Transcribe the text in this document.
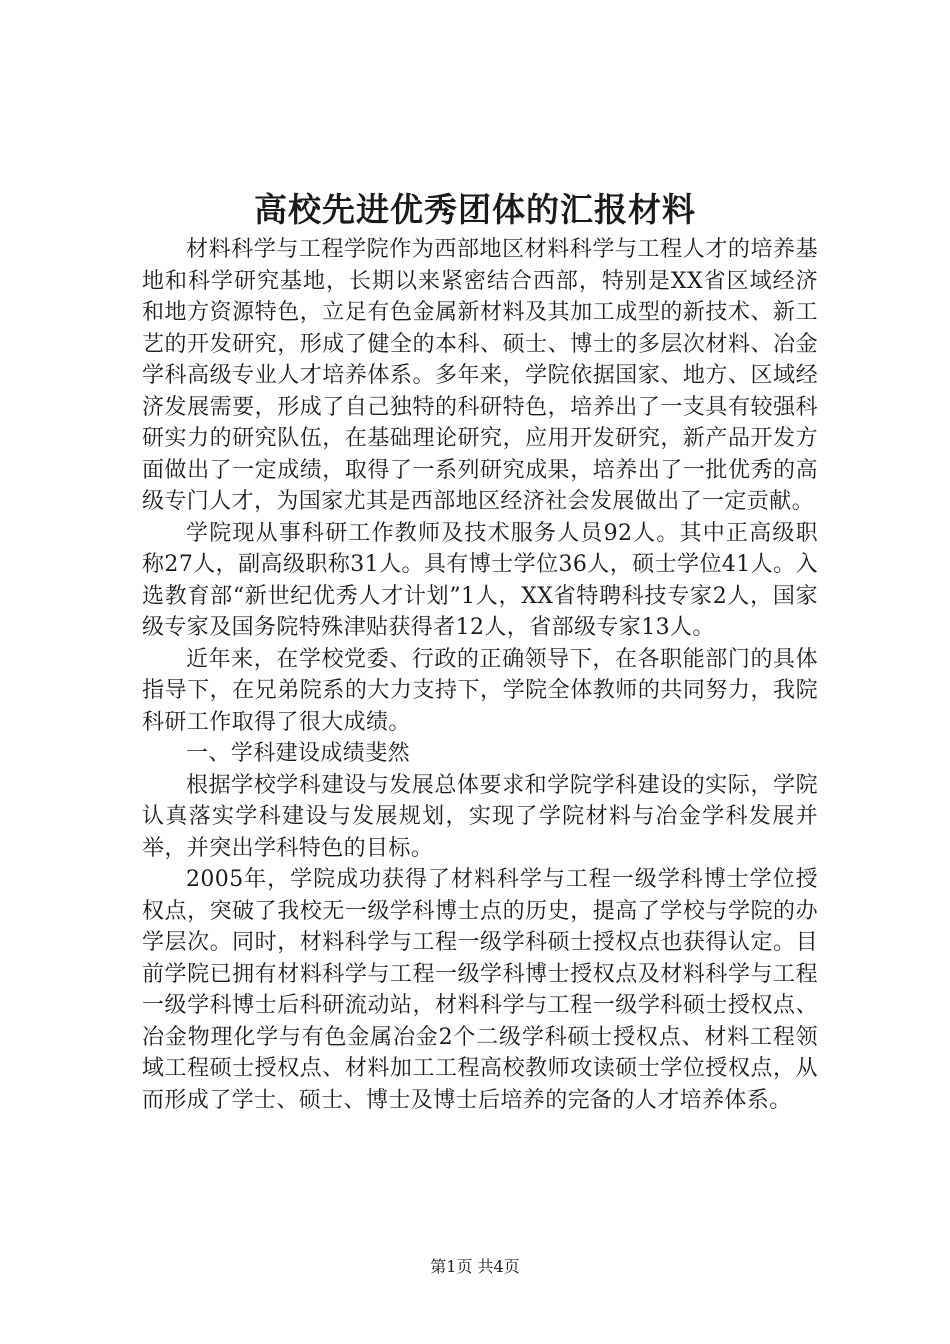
高校先进优秀团体的汇报材料

材料科学与工程学院作为西部地区材料科学与工程人才的培养基地和科学研究基地，长期以来紧密结合西部，特别是XX省区域经济和地方资源特色，立足有色金属新材料及其加工成型的新技术、新工艺的开发研究，形成了健全的本科、硕士、博士的多层次材料、冶金学科高级专业人才培养体系。多年来，学院依据国家、地方、区域经济发展需要，形成了自己独特的科研特色，培养出了一支具有较强科研实力的研究队伍，在基础理论研究，应用开发研究，新产品开发方面做出了一定成绩，取得了一系列研究成果，培养出了一批优秀的高级专门人才，为国家尤其是西部地区经济社会发展做出了一定贡献。

学院现从事科研工作教师及技术服务人员92人。其中正高级职称27人，副高级职称31人。具有博士学位36人，硕士学位41人。入选教育部“新世纪优秀人才计划”1人，XX省特聘科技专家2人，国家级专家及国务院特殊津贴获得者12人，省部级专家13人。

近年来，在学校党委、行政的正确领导下，在各职能部门的具体指导下，在兄弟院系的大力支持下，学院全体教师的共同努力，我院科研工作取得了很大成绩。

一、学科建设成绩斐然

根据学校学科建设与发展总体要求和学院学科建设的实际，学院认真落实学科建设与发展规划，实现了学院材料与冶金学科发展并举，并突出学科特色的目标。

2005年，学院成功获得了材料科学与工程一级学科博士学位授权点，突破了我校无一级学科博士点的历史，提高了学校与学院的办学层次。同时，材料科学与工程一级学科硕士授权点也获得认定。目前学院已拥有材料科学与工程一级学科博士授权点及材料科学与工程一级学科博士后科研流动站，材料科学与工程一级学科硕士授权点、冶金物理化学与有色金属冶金2个二级学科硕士授权点、材料工程领域工程硕士授权点、材料加工工程高校教师攻读硕士学位授权点，从而形成了学士、硕士、博士及博士后培养的完备的人才培养体系。

第1页 共4页
